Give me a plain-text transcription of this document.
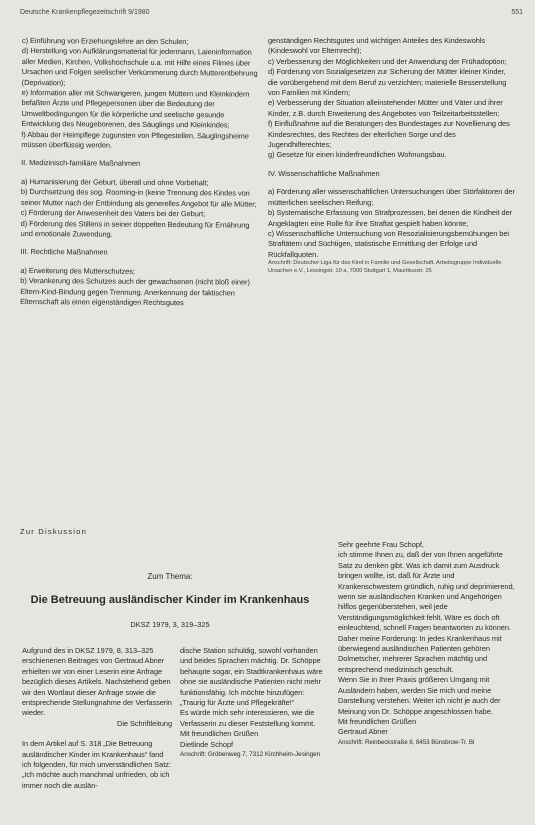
Deutsche Krankenpflegezeitschrift 9/1980	551

c) Einführung von Erziehungslehre an den Schulen;

d) Herstellung von Aufklärungsmaterial für jedermann, Laieninformation aller Medien, Kirchen, Volkshochschule u.a. mit Hilfe eines Filmes über Ursachen und Folgen seelischer Verkümmerung durch Mutterentbehrung (Deprivation);

e) Information aller mit Schwangeren, jungen Müttern und Kleinkindern befaßten Ärzte und Pflegepersonen über die Bedeutung der Umweltbedingungen für die körperliche und seelische gesunde Entwicklung des Neugeborenen, des Säuglings und Kleinkindes;

f) Abbau der Heimpflege zugunsten von Pflegestellen, Säuglingsheime müssen überflüssig werden.

II. Medizinisch-familiäre Maßnahmen

a) Humanisierung der Geburt, überall und ohne Vorbehalt;

b) Durchsetzung des sog. Rooming-in (keine Trennung des Kindes von seiner Mutter nach der Entbindung als generelles Angebot für alle Mütter;

c) Förderung der Anwesenheit des Vaters bei der Geburt;

d) Förderung des Stillens in seiner doppelten Bedeutung für Ernährung und emotionale Zuwendung.

III. Rechtliche Maßnahmen

a) Erweiterung des Mutterschutzes;

b) Verankerung des Schutzes auch der gewachsenen (nicht bloß einer) Eltern-Kind-Bindung gegen Trennung. Anerkennung der faktischen Elternschaft als einen eigenständigen Rechtsgutes

genständigen Rechtsgutes und wichtigen Anteiles des Kindeswohls (Kindeswohl vor Elternrecht);

c) Verbesserung der Möglichkeiten und der Anwendung der Frühadoption;

d) Forderung von Sozialgesetzen zur Sicherung der Mütter kleiner Kinder, die vorübergehend mit dem Beruf zu verzichten; materielle Besserstellung von Familien mit Kindern;

e) Verbesserung der Situation alleinstehender Mütter und Väter und ihrer Kinder, z.B. durch Erweiterung des Angebotes von Teilzeitarbeitsstellen;

f) Einflußnahme auf die Beratungen des Bundestages zur Novellierung des Kindesrechtes, des Rechtes der elterlichen Sorge und des Jugendhilferechtes;

g) Gesetze für einen kinderfreundlichen Wohnungsbau.

IV. Wissenschaftliche Maßnahmen

a) Förderung aller wissenschaftlichen Untersuchungen über Störfaktoren der mütterlichen seelischen Reifung;

b) Systematische Erfassung von Strafprozessen, bei denen die Kindheit der Angeklagten eine Rolle für ihre Straftat gespielt haben könnte;

c) Wissenschaftliche Untersuchung von Resozialisierungsbemühungen bei Straftätern und Süchtigen, statistische Ermittlung der Erfolge und Rückfallquoten.

Anschrift: Deutscher Liga für das Kind in Familie und Gesellschaft, Arbeitsgruppe Individuelle Ursachen e.V., Lessingstr. 10 a, 7000 Stuttgart 1, Mauritiusstr. 25

Zur Diskussion
Zum Thema:
Die Betreuung ausländischer Kinder im Krankenhaus
DKSZ 1979, 3, 319–325

Aufgrund des in DKSZ 1979, 8, 313–325 erschienenen Beitrages von Gertraud Abner erhielten wir von einer Leserin eine Anfrage bezüglich dieses Artikels. Nachstehend geben wir den Wortlaut dieser Anfrage sowie die entsprechende Stellungnahme der Verfasserin wieder.

Die Schriftleitung

In dem Artikel auf S. 318 „Die Betreuung ausländischer Kinder im Krankenhaus“ fand ich folgenden, für mich unverständlichen Satz:

„Ich möchte auch manchmal unfrieden, ob ich immer noch die auslän-

dische Station schuldig, sowohl vorhanden und beides Sprachen mächtig. Dr. Schöppe behaupte sogar, ein Stadtkrankenhaus wäre ohne sie ausländische Patienten nicht mehr funktionsfähig. Ich möchte hinzufügen: „Traurig für Ärzte und Pflegekräfte!“

Es würde mich sehr interessieren, wie die Verfasserin zu dieser Feststellung kommt.

Mit freundlichen Grüßen

Dietlinde Schopf

Anschrift: Gröbenweg 7, 7312 Kirchheim-Jesingen

Sehr geehrte Frau Schopf,

ich stimme Ihnen zu, daß der von Ihnen angeführte Satz zu denken gibt. Was ich damit zum Ausdruck bringen wollte, ist, daß für Ärzte und Krankenschwestern gründlich, ruhig und deprimierend, wenn sie ausländischen Kranken und Angehörigen hilflos gegenüberstehen, weil jede Verständigungsmöglichkeit fehlt. Wäre es doch oft einleuchtend, schnell Fragen beantworten zu können.

Daher meine Forderung: In jedes Krankenhaus mit überwiegend ausländischen Patienten gehören Dolmetscher, mehrerer Sprachen mächtig und entsprechend medizinisch geschult.

Wenn Sie in Ihrer Praxis größeren Umgang mit Ausländern haben, werden Sie mich und meine Darstellung verstehen. Weiter ich nicht je auch der Meinung von Dr. Schöppe angeschlossen habe.

Mit freundlichen Grüßen

Gertraud Abner

Anschrift: Reinbeckstraße 8, 8453 Bünsbrow-Tr. Bl
